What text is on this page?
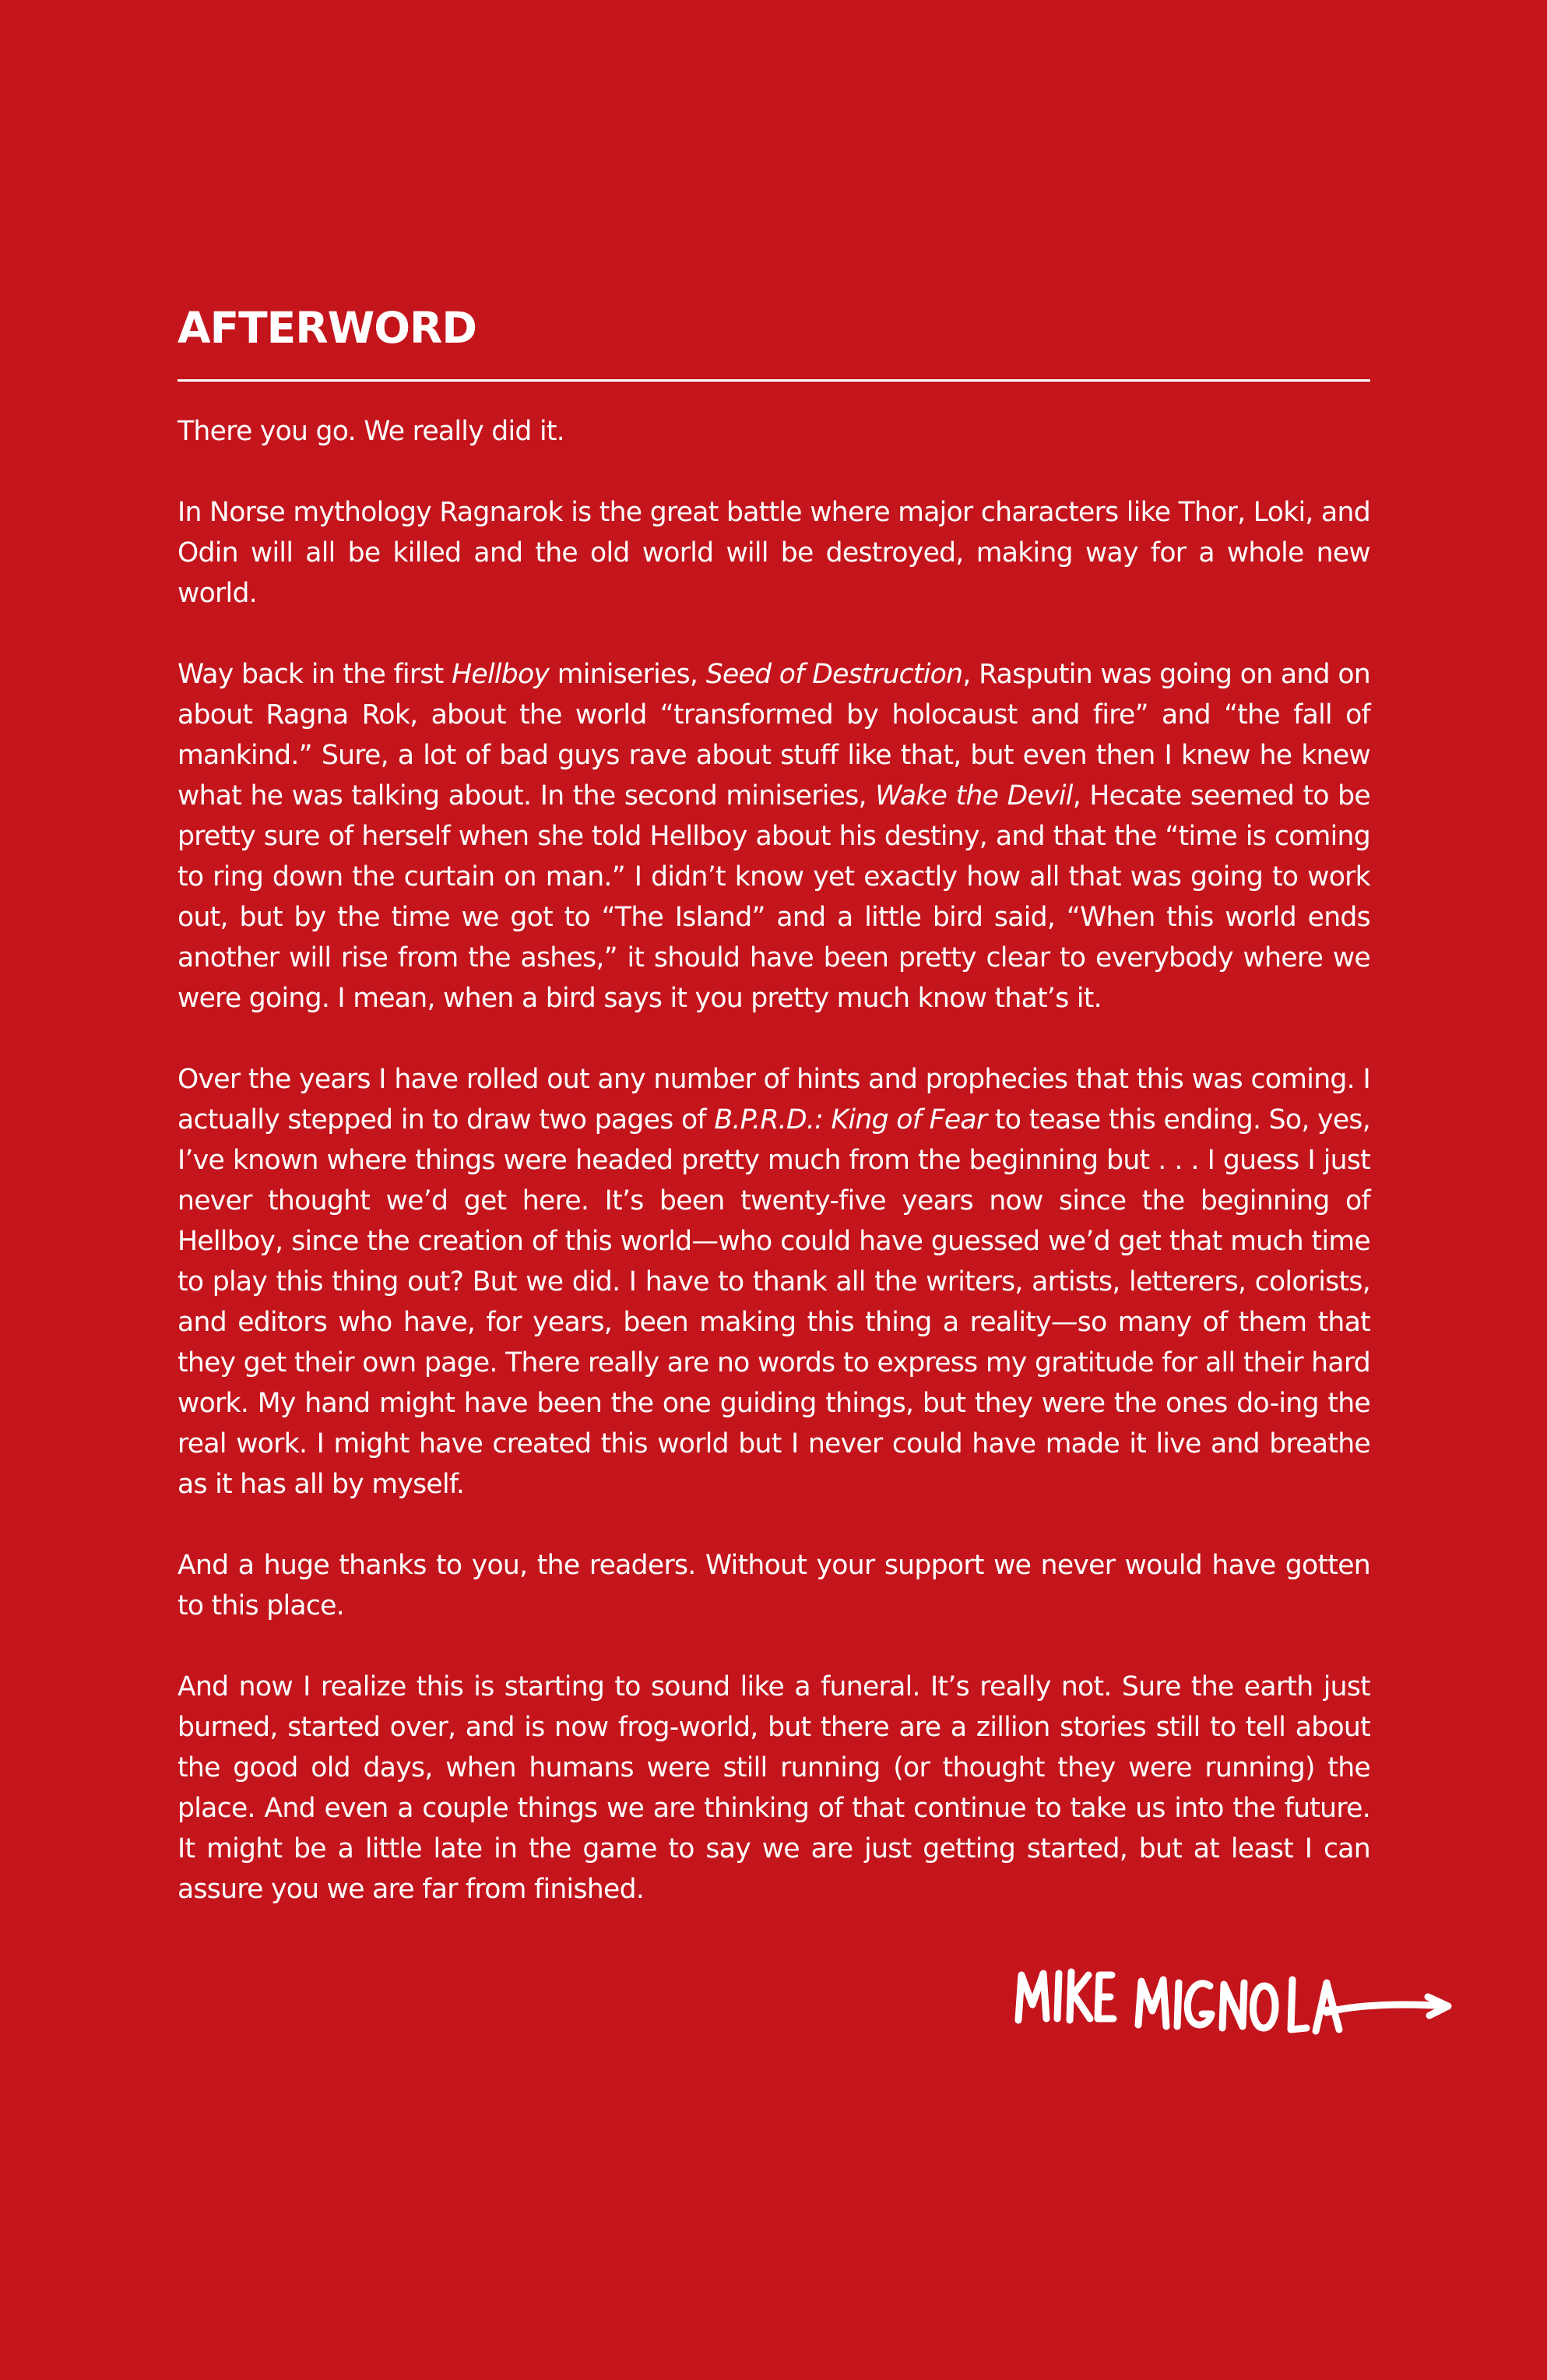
AFTERWORD

There you go. We really did it.

In Norse mythology Ragnarok is the great battle where major characters like Thor, Loki, and Odin will all be killed and the old world will be destroyed, making way for a whole new world.

Way back in the first Hellboy miniseries, Seed of Destruction, Rasputin was going on and on about Ragna Rok, about the world “transformed by holocaust and fire” and “the fall of mankind.” Sure, a lot of bad guys rave about stuff like that, but even then I knew he knew what he was talking about. In the second miniseries, Wake the Devil, Hecate seemed to be pretty sure of herself when she told Hellboy about his destiny, and that the “time is coming to ring down the curtain on man.” I didn’t know yet exactly how all that was going to work out, but by the time we got to “The Island” and a little bird said, “When this world ends another will rise from the ashes,” it should have been pretty clear to everybody where we were going. I mean, when a bird says it you pretty much know that’s it.

Over the years I have rolled out any number of hints and prophecies that this was coming. I actually stepped in to draw two pages of B.P.R.D.: King of Fear to tease this ending. So, yes, I’ve known where things were headed pretty much from the beginning but . . . I guess I just never thought we’d get here. It’s been twenty-five years now since the beginning of Hellboy, since the creation of this world—who could have guessed we’d get that much time to play this thing out? But we did. I have to thank all the writers, artists, letterers, colorists, and editors who have, for years, been making this thing a reality—so many of them that they get their own page. There really are no words to express my gratitude for all their hard work. My hand might have been the one guiding things, but they were the ones do-ing the real work. I might have created this world but I never could have made it live and breathe as it has all by myself.

And a huge thanks to you, the readers. Without your support we never would have gotten to this place.

And now I realize this is starting to sound like a funeral. It’s really not. Sure the earth just burned, started over, and is now frog-world, but there are a zillion stories still to tell about the good old days, when humans were still running (or thought they were running) the place. And even a couple things we are thinking of that continue to take us into the future. It might be a little late in the game to say we are just getting started, but at least I can assure you we are far from finished.
